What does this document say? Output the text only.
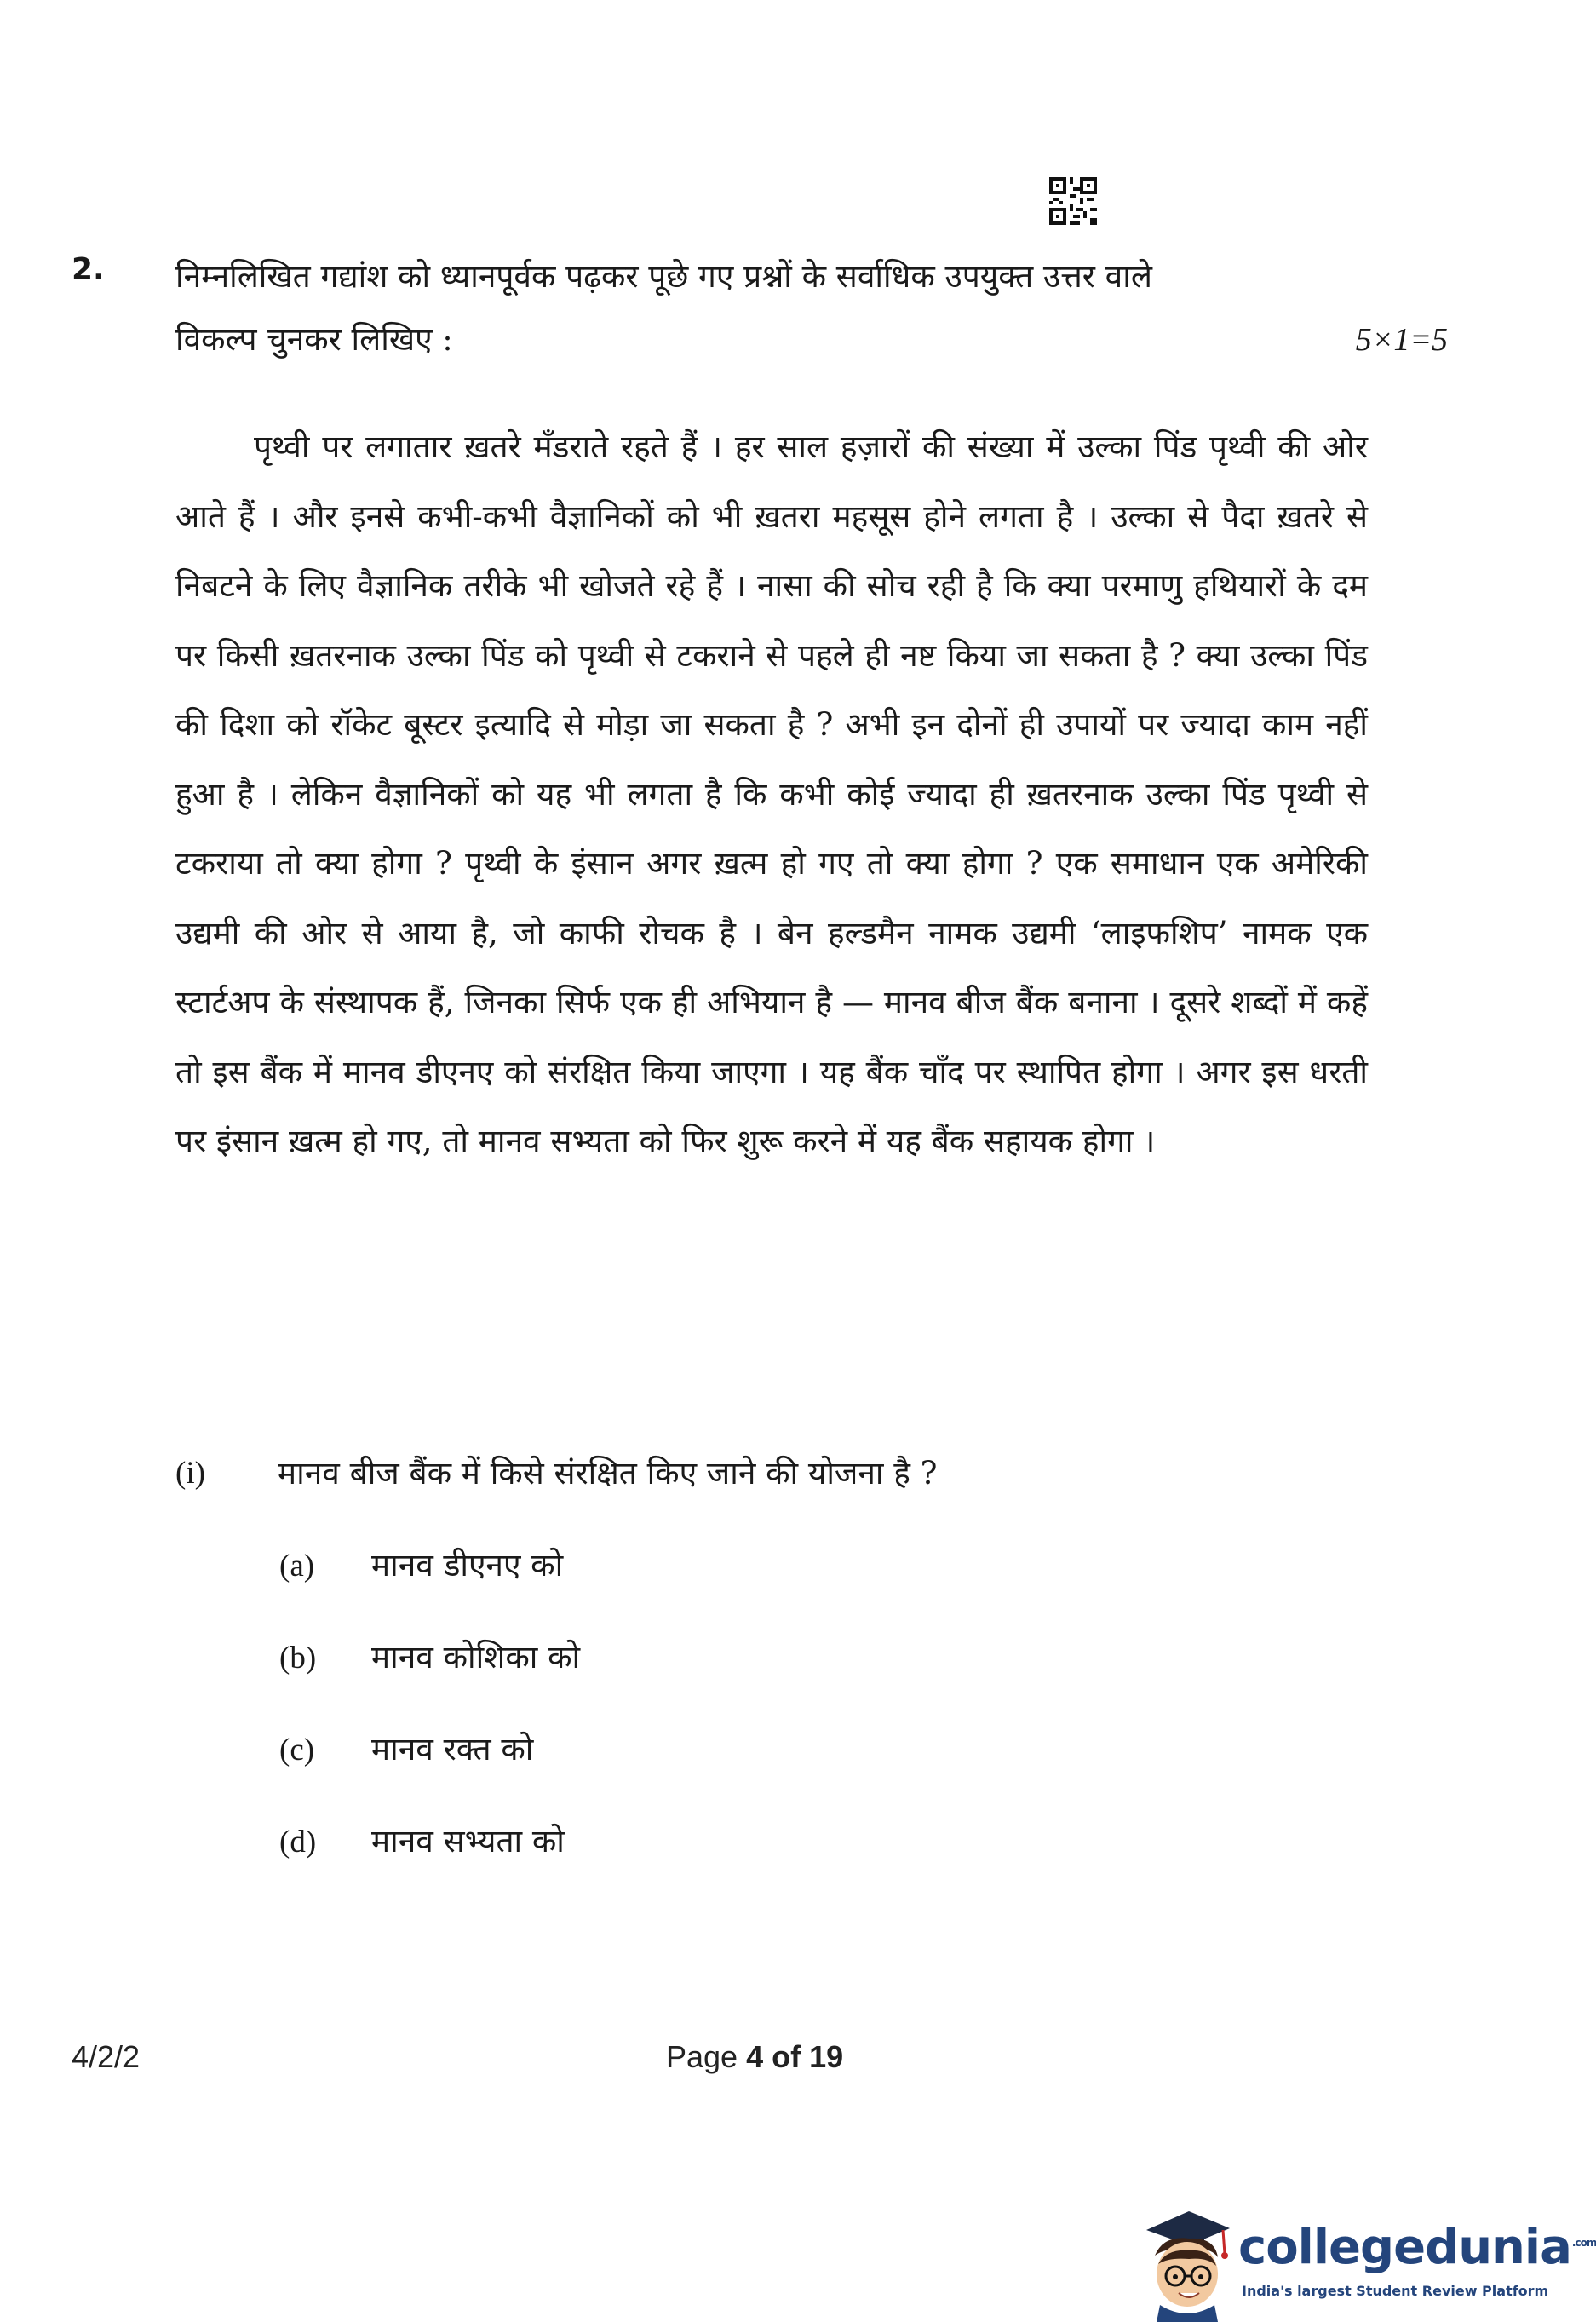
2. निम्नलिखित गद्यांश को ध्यानपूर्वक पढ़कर पूछे गए प्रश्नों के सर्वाधिक उपयुक्त उत्तर वाले
विकल्प चुनकर लिखिए :	5×1=5

पृथ्वी पर लगातार ख़तरे मँडराते रहते हैं । हर साल हज़ारों की संख्या में उल्का पिंड पृथ्वी की ओर आते हैं । और इनसे कभी-कभी वैज्ञानिकों को भी ख़तरा महसूस होने लगता है । उल्का से पैदा ख़तरे से निबटने के लिए वैज्ञानिक तरीके भी खोजते रहे हैं । नासा की सोच रही है कि क्या परमाणु हथियारों के दम पर किसी ख़तरनाक उल्का पिंड को पृथ्वी से टकराने से पहले ही नष्ट किया जा सकता है ? क्या उल्का पिंड की दिशा को रॉकेट बूस्टर इत्यादि से मोड़ा जा सकता है ? अभी इन दोनों ही उपायों पर ज्यादा काम नहीं हुआ है । लेकिन वैज्ञानिकों को यह भी लगता है कि कभी कोई ज्यादा ही ख़तरनाक उल्का पिंड पृथ्वी से टकराया तो क्या होगा ? पृथ्वी के इंसान अगर ख़त्म हो गए तो क्या होगा ? एक समाधान एक अमेरिकी उद्यमी की ओर से आया है, जो काफी रोचक है । बेन हल्डमैन नामक उद्यमी ‘लाइफशिप’ नामक एक स्टार्टअप के संस्थापक हैं, जिनका सिर्फ एक ही अभियान है — मानव बीज बैंक बनाना । दूसरे शब्दों में कहें तो इस बैंक में मानव डीएनए को संरक्षित किया जाएगा । यह बैंक चाँद पर स्थापित होगा । अगर इस धरती पर इंसान ख़त्म हो गए, तो मानव सभ्यता को फिर शुरू करने में यह बैंक सहायक होगा ।

(i) मानव बीज बैंक में किसे संरक्षित किए जाने की योजना है ?
(a) मानव डीएनए को
(b) मानव कोशिका को
(c) मानव रक्त को
(d) मानव सभ्यता को
4/2/2	Page 4 of 19
collegedunia$^{.com}$
India's largest Student Review Platform
